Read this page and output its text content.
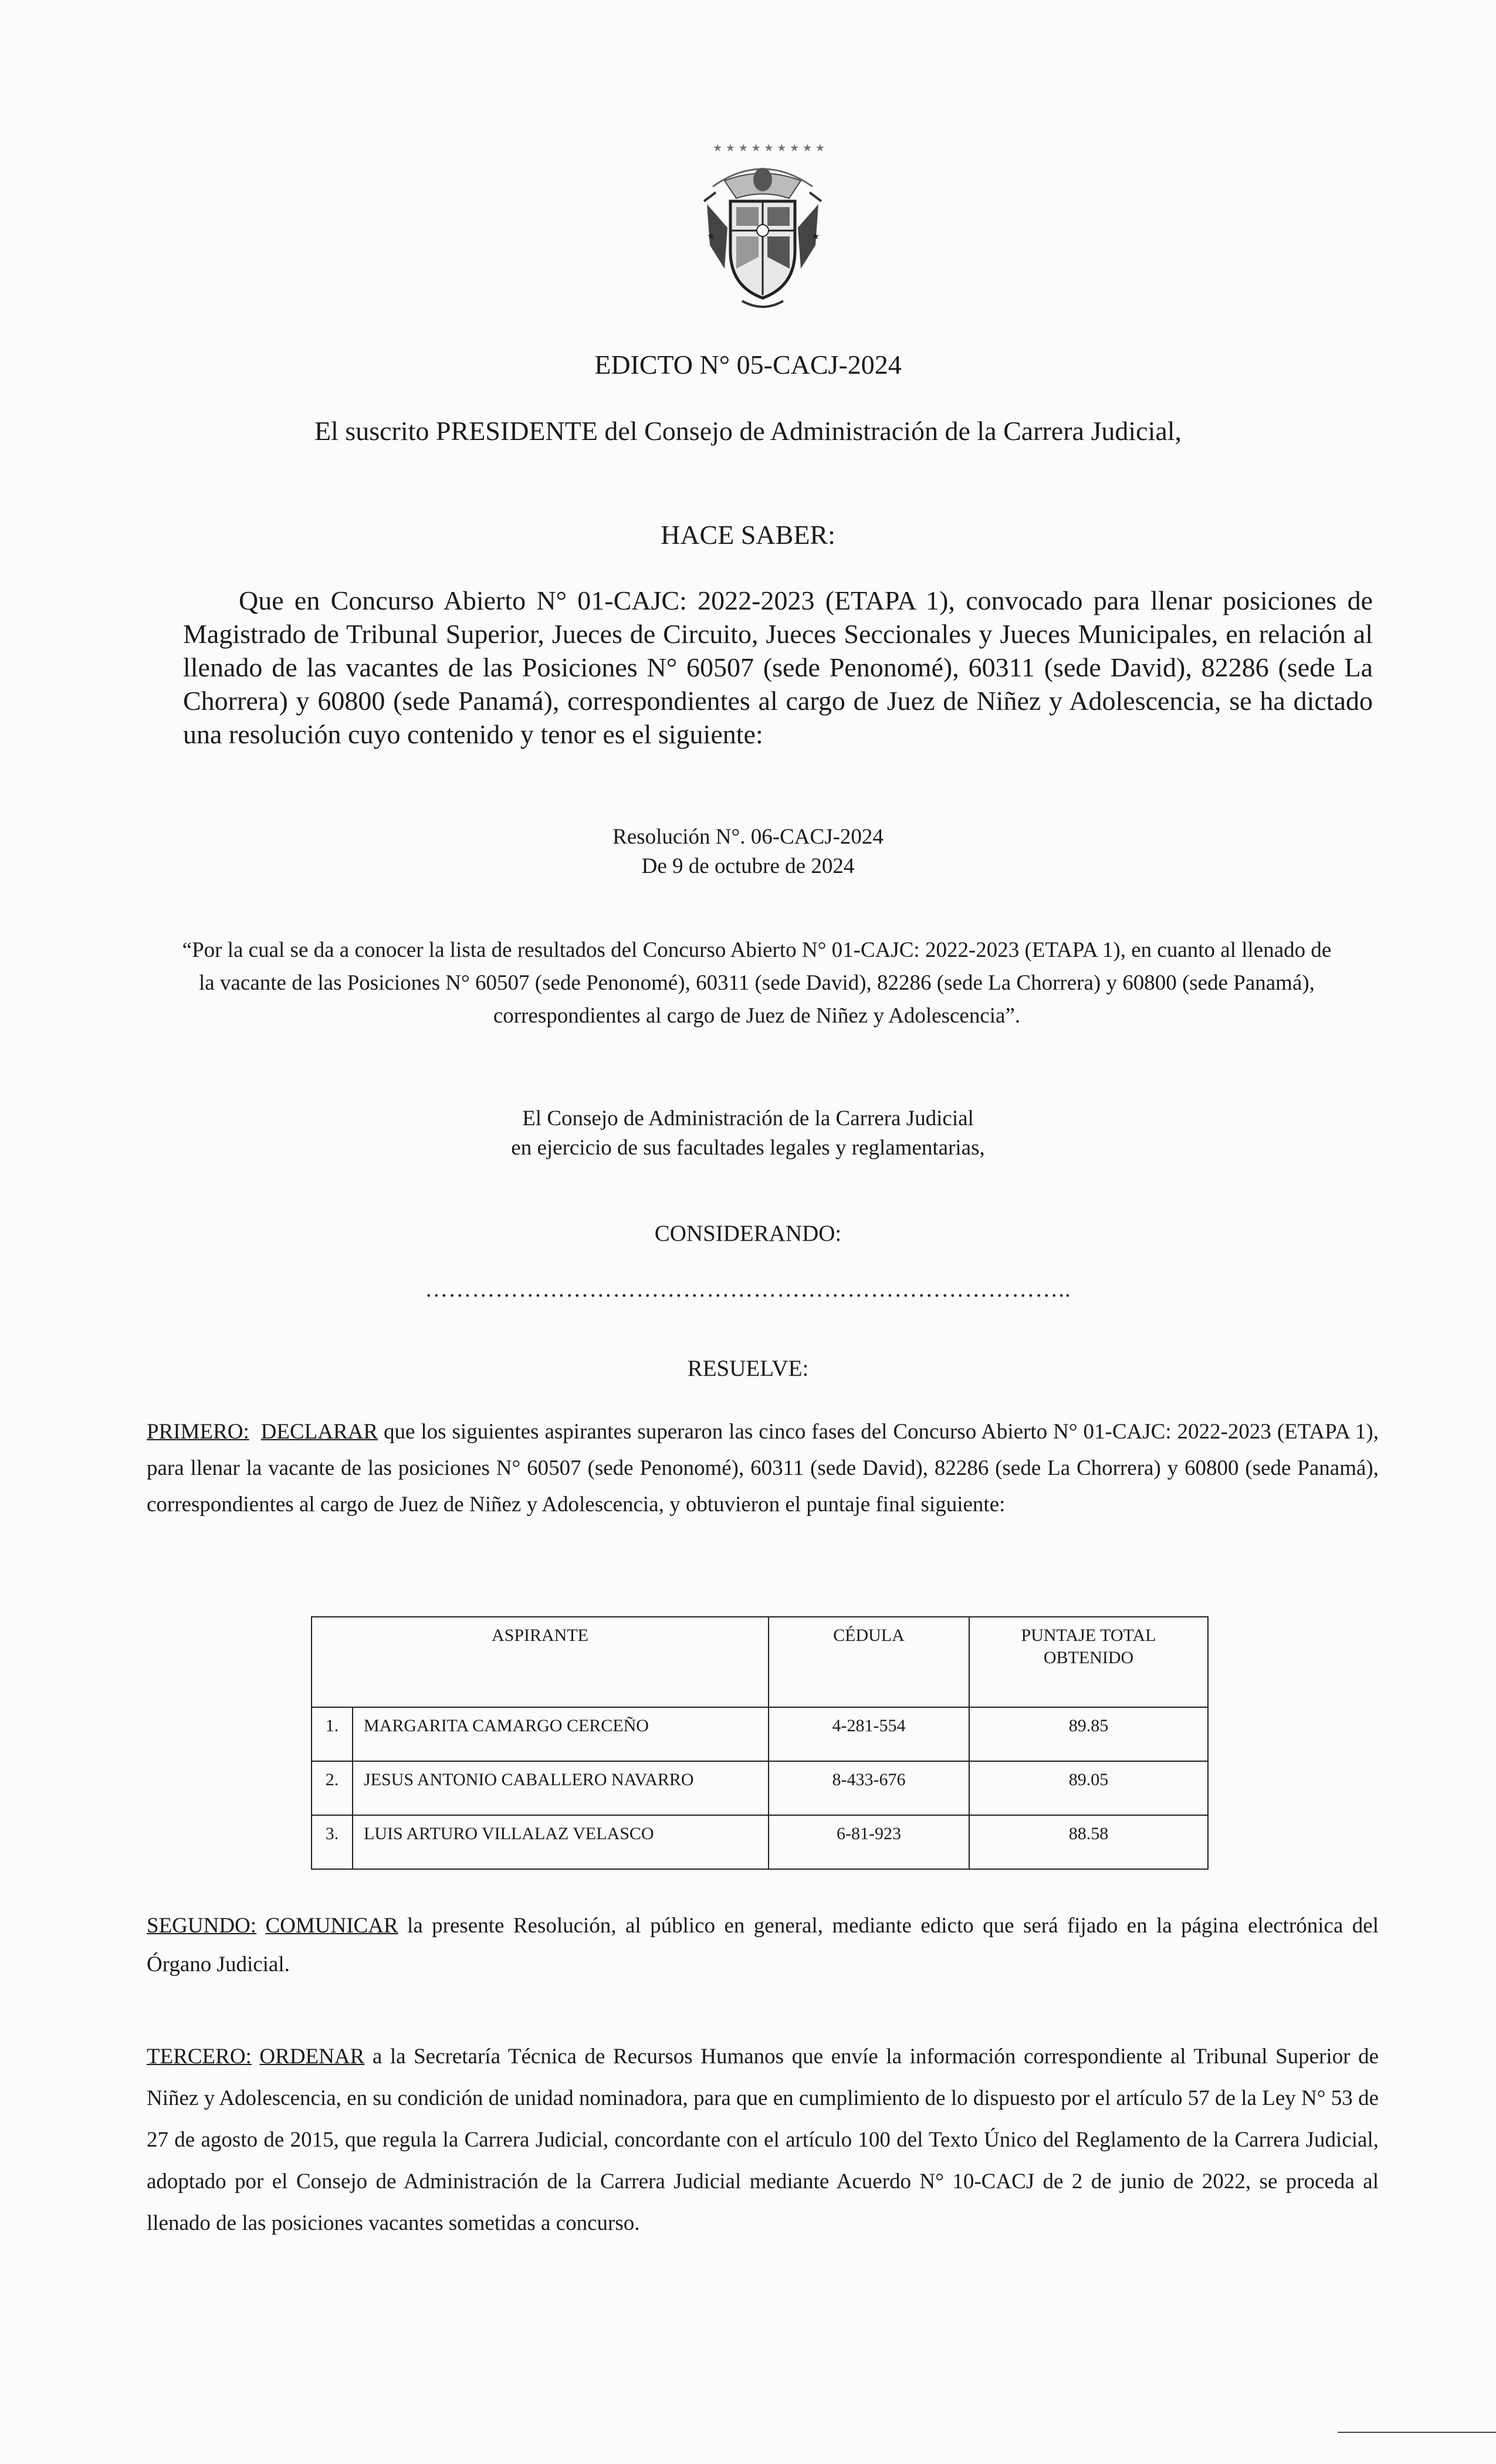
★ ★ ★ ★ ★ ★ ★ ★ ★
★	★
EDICTO N° 05-CACJ-2024
El suscrito PRESIDENTE del Consejo de Administración de la Carrera Judicial,
HACE SABER:
Que en Concurso Abierto N° 01-CAJC: 2022-2023 (ETAPA 1), convocado para llenar posiciones de Magistrado de Tribunal Superior, Jueces de Circuito, Jueces Seccionales y Jueces Municipales, en relación al llenado de las vacantes de las Posiciones N° 60507 (sede Penonomé), 60311 (sede David), 82286 (sede La Chorrera) y 60800 (sede Panamá), correspondientes al cargo de Juez de Niñez y Adolescencia, se ha dictado una resolución cuyo contenido y tenor es el siguiente:
Resolución N°. 06-CACJ-2024
De 9 de octubre de 2024
“Por la cual se da a conocer la lista de resultados del Concurso Abierto N° 01-CAJC: 2022-2023 (ETAPA 1), en cuanto al llenado de la vacante de las Posiciones N° 60507 (sede Penonomé), 60311 (sede David), 82286 (sede La Chorrera) y 60800 (sede Panamá), correspondientes al cargo de Juez de Niñez y Adolescencia”.
El Consejo de Administración de la Carrera Judicial
en ejercicio de sus facultades legales y reglamentarias,
CONSIDERANDO:
………………………………………………………………………..
RESUELVE:
PRIMERO: DECLARAR que los siguientes aspirantes superaron las cinco fases del Concurso Abierto N° 01-CAJC: 2022-2023 (ETAPA 1), para llenar la vacante de las posiciones N° 60507 (sede Penonomé), 60311 (sede David), 82286 (sede La Chorrera) y 60800 (sede Panamá), correspondientes al cargo de Juez de Niñez y Adolescencia, y obtuvieron el puntaje final siguiente:
ASPIRANTE		CÉDULA	PUNTAJE TOTAL
OBTENIDO
1.	MARGARITA CAMARGO CERCEÑO	4-281-554	89.85
2.	JESUS ANTONIO CABALLERO NAVARRO	8-433-676	89.05
3.	LUIS ARTURO VILLALAZ VELASCO	6-81-923	88.58
SEGUNDO: COMUNICAR la presente Resolución, al público en general, mediante edicto que será fijado en la página electrónica del Órgano Judicial.
TERCERO: ORDENAR a la Secretaría Técnica de Recursos Humanos que envíe la información correspondiente al Tribunal Superior de Niñez y Adolescencia, en su condición de unidad nominadora, para que en cumplimiento de lo dispuesto por el artículo 57 de la Ley N° 53 de 27 de agosto de 2015, que regula la Carrera Judicial, concordante con el artículo 100 del Texto Único del Reglamento de la Carrera Judicial, adoptado por el Consejo de Administración de la Carrera Judicial mediante Acuerdo N° 10-CACJ de 2 de junio de 2022, se proceda al llenado de las posiciones vacantes sometidas a concurso.
